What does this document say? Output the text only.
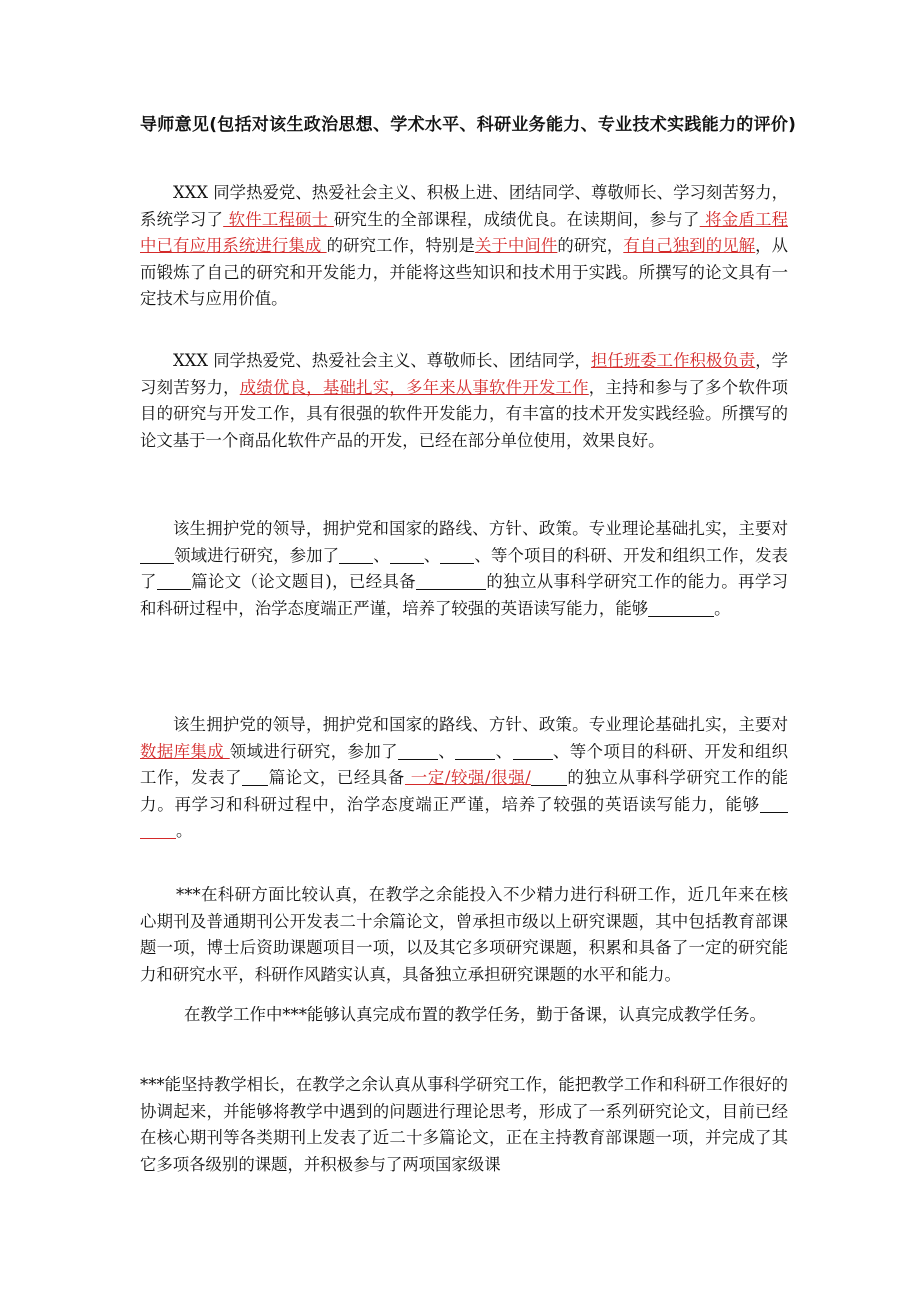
导师意见(包括对该生政治思想、学术水平、科研业务能力、专业技术实践能力的评价)

XXX 同学热爱党、热爱社会主义、积极上进、团结同学、尊敬师长、学习刻苦努力，系统学习了 软件工程硕士 研究生的全部课程，成绩优良。在读期间，参与了 将金盾工程中已有应用系统进行集成 的研究工作，特别是关于中间件的研究，有自己独到的见解，从而锻炼了自己的研究和开发能力，并能将这些知识和技术用于实践。所撰写的论文具有一定技术与应用价值。

XXX 同学热爱党、热爱社会主义、尊敬师长、团结同学，担任班委工作积极负责，学习刻苦努力，成绩优良，基础扎实，多年来从事软件开发工作，主持和参与了多个软件项目的研究与开发工作，具有很强的软件开发能力，有丰富的技术开发实践经验。所撰写的论文基于一个商品化软件产品的开发，已经在部分单位使用，效果良好。

该生拥护党的领导，拥护党和国家的路线、方针、政策。专业理论基础扎实，主要对领域进行研究，参加了 、 、 、等个项目的科研、开发和组织工作，发表了 篇论文（论文题目)，已经具备	的独立从事科学研究工作的能力。再学习和科研过程中，治学态度端正严谨，培养了较强的英语读写能力，能够	。

该生拥护党的领导，拥护党和国家的路线、方针、政策。专业理论基础扎实，主要对 数据库集成 领域进行研究，参加了 、 、 、等个项目的科研、开发和组织工作，发表了 篇论文，已经具备 一定/较强/很强/ 的独立从事科学研究工作的能力。再学习和科研过程中，治学态度端正严谨，培养了较强的英语读写能力，能够。

***在科研方面比较认真，在教学之余能投入不少精力进行科研工作，近几年来在核心期刊及普通期刊公开发表二十余篇论文，曾承担市级以上研究课题，其中包括教育部课题一项，博士后资助课题项目一项，以及其它多项研究课题，积累和具备了一定的研究能力和研究水平，科研作风踏实认真，具备独立承担研究课题的水平和能力。

在教学工作中***能够认真完成布置的教学任务，勤于备课，认真完成教学任务。

***能坚持教学相长，在教学之余认真从事科学研究工作，能把教学工作和科研工作很好的协调起来，并能够将教学中遇到的问题进行理论思考，形成了一系列研究论文，目前已经在核心期刊等各类期刊上发表了近二十多篇论文，正在主持教育部课题一项，并完成了其它多项各级别的课题，并积极参与了两项国家级课
